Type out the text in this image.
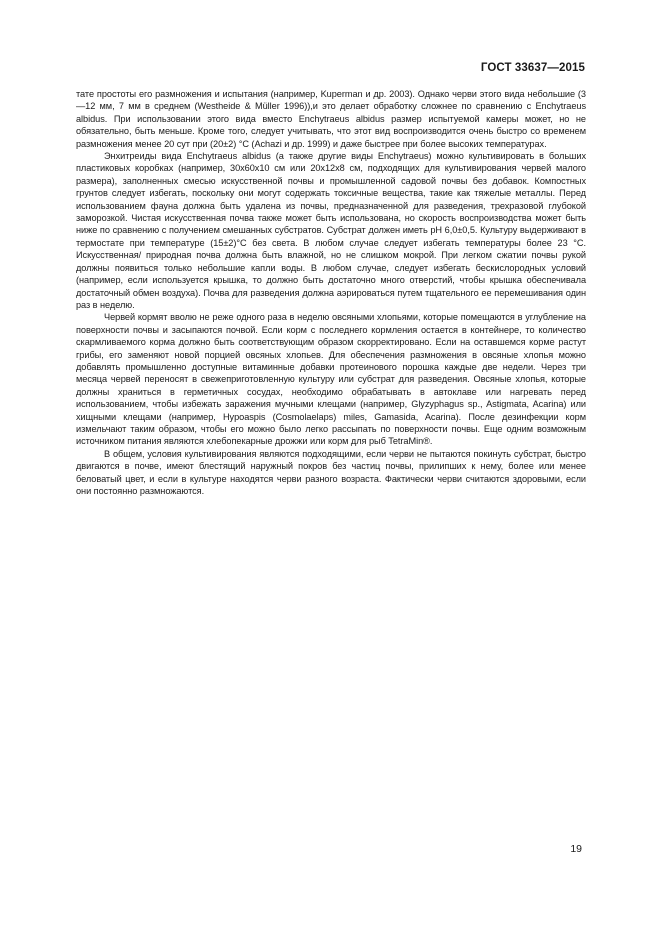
ГОСТ 33637—2015

тате простоты его размножения и испытания (например, Kuperman и др. 2003). Однако черви этого вида небольшие (3—12 мм, 7 мм в среднем (Westheide & Müller 1996)),и это делает обработку сложнее по сравнению с Enchytraeus albidus. При использовании этого вида вместо Enchytraeus albidus размер испытуемой камеры может, но не обязательно, быть меньше. Кроме того, следует учитывать, что этот вид воспроизводится очень быстро со временем размножения менее 20 сут при (20±2) °С (Achazi и др. 1999) и даже быстрее при более высоких температурах.

Энхитреиды вида Enchytraeus albidus (а также другие виды Enchytraeus) можно культивировать в больших пластиковых коробках (например, 30x60x10 см или 20x12x8 см, подходящих для культивирования червей малого размера), заполненных смесью искусственной почвы и промышленной садовой почвы без добавок. Компостных грунтов следует избегать, поскольку они могут содержать токсичные вещества, такие как тяжелые металлы. Перед использованием фауна должна быть удалена из почвы, предназначенной для разведения, трехразовой глубокой заморозкой. Чистая искусственная почва также может быть использована, но скорость воспроизводства может быть ниже по сравнению с получением смешанных субстратов. Субстрат должен иметь pH 6,0±0,5. Культуру выдерживают в термостате при температуре (15±2)°С без света. В любом случае следует избегать температуры более 23 °С. Искусственная/ природная почва должна быть влажной, но не слишком мокрой. При легком сжатии почвы рукой должны появиться только небольшие капли воды. В любом случае, следует избегать бескислородных условий (например, если используется крышка, то должно быть достаточно много отверстий, чтобы крышка обеспечивала достаточный обмен воздуха). Почва для разведения должна аэрироваться путем тщательного ее перемешивания один раз в неделю.

Червей кормят вволю не реже одного раза в неделю овсяными хлопьями, которые помещаются в углубление на поверхности почвы и засыпаются почвой. Если корм с последнего кормления остается в контейнере, то количество скармливаемого корма должно быть соответствующим образом скорректировано. Если на оставшемся корме растут грибы, его заменяют новой порцией овсяных хлопьев. Для обеспечения размножения в овсяные хлопья можно добавлять промышленно доступные витаминные добавки протеинового порошка каждые две недели. Через три месяца червей переносят в свежеприготовленную культуру или субстрат для разведения. Овсяные хлопья, которые должны храниться в герметичных сосудах, необходимо обрабатывать в автоклаве или нагревать перед использованием, чтобы избежать заражения мучными клещами (например, Glyzyphagus sp., Astigmata, Acarina) или хищными клещами (например, Hypoaspis (Cosmolaelaps) miles, Gamasida, Acarina). После дезинфекции корм измельчают таким образом, чтобы его можно было легко рассыпать по поверхности почвы. Еще одним возможным источником питания являются хлебопекарные дрожжи или корм для рыб TetraMin®.

В общем, условия культивирования являются подходящими, если черви не пытаются покинуть субстрат, быстро двигаются в почве, имеют блестящий наружный покров без частиц почвы, прилипших к нему, более или менее беловатый цвет, и если в культуре находятся черви разного возраста. Фактически черви считаются здоровыми, если они постоянно размножаются.

19
